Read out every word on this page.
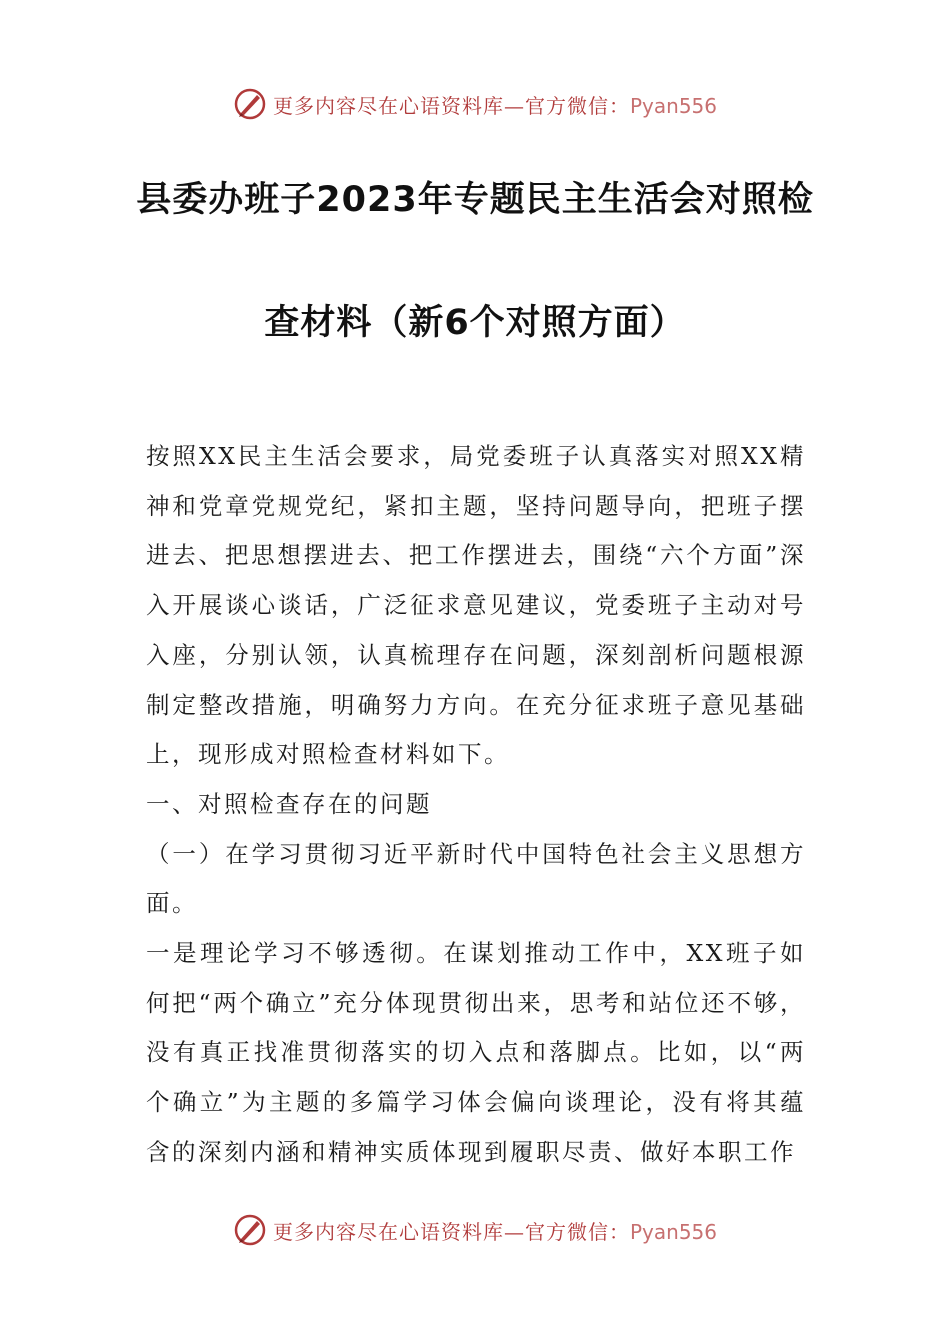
更多内容尽在心语资料库—官方微信：Pyan556
县委办班子2023年专题民主生活会对照检
查材料（新6个对照方面）

按照XX民主生活会要求，局党委班子认真落实对照XX精神和党章党规党纪，紧扣主题，坚持问题导向，把班子摆进去、把思想摆进去、把工作摆进去，围绕“六个方面”深入开展谈心谈话，广泛征求意见建议，党委班子主动对号入座，分别认领，认真梳理存在问题，深刻剖析问题根源制定整改措施，明确努力方向。在充分征求班子意见基础上，现形成对照检查材料如下。

一、对照检查存在的问题

（一）在学习贯彻习近平新时代中国特色社会主义思想方面。

一是理论学习不够透彻。在谋划推动工作中，XX班子如何把“两个确立”充分体现贯彻出来，思考和站位还不够，没有真正找准贯彻落实的切入点和落脚点。比如，以“两个确立”为主题的多篇学习体会偏向谈理论，没有将其蕴含的深刻内涵和精神实质体现到履职尽责、做好本职工作

更多内容尽在心语资料库—官方微信：Pyan556
